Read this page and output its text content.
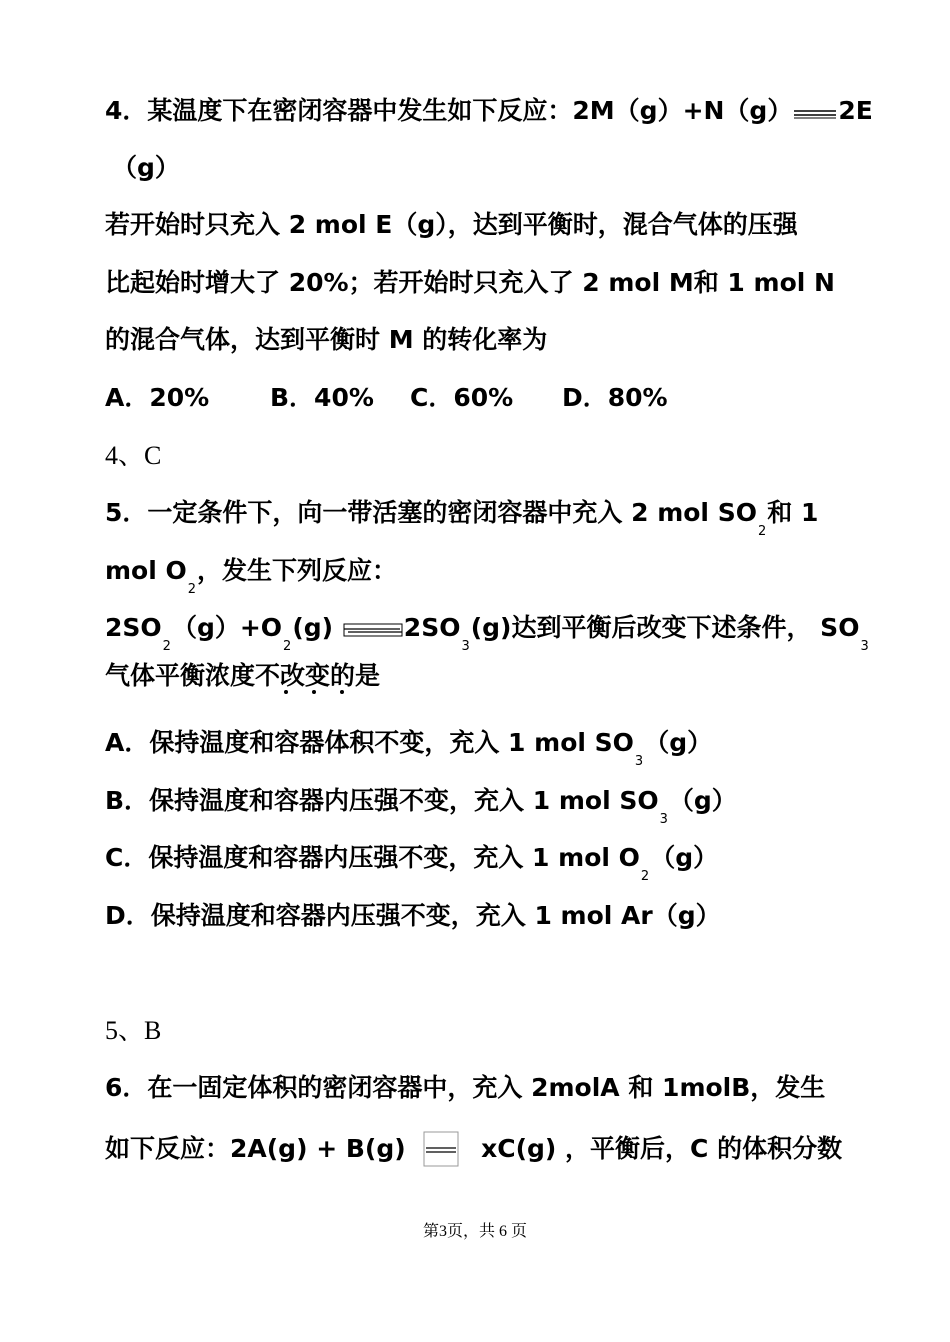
4．某温度下在密闭容器中发生如下反应：2M（g）+N（g） 2E
（g）
若开始时只充入 2 mol E（g），达到平衡时，混合气体的压强
比起始时增大了 20%；若开始时只充入了 2 mol M和 1 mol N
的混合气体，达到平衡时 M 的转化率为
A．20% B．40% C．60% D．80%
4、C
5．一定条件下，向一带活塞的密闭容器中充入 2 mol $SO_2$和 1
mol $O_2$，发生下列反应：
$2SO_2(g)+O_2(g)$	$2SO_3(g)$达到平衡后改变下述条件， $SO_3$
气体平衡浓度不改变的是
A．保持温度和容器体积不变，充入 1 mol $SO_3(g)$
B．保持温度和容器内压强不变，充入 1 mol $SO_3(g)$
C．保持温度和容器内压强不变，充入 1 mol $O_2(g)$
D．保持温度和容器内压强不变，充入 1 mol Ar（g）
5、B
6．在一固定体积的密闭容器中，充入 2molA 和 1molB，发生
如下反应：2A(g) + B(g)	xC(g) ，平衡后，C 的体积分数
第3页，共 6 页
